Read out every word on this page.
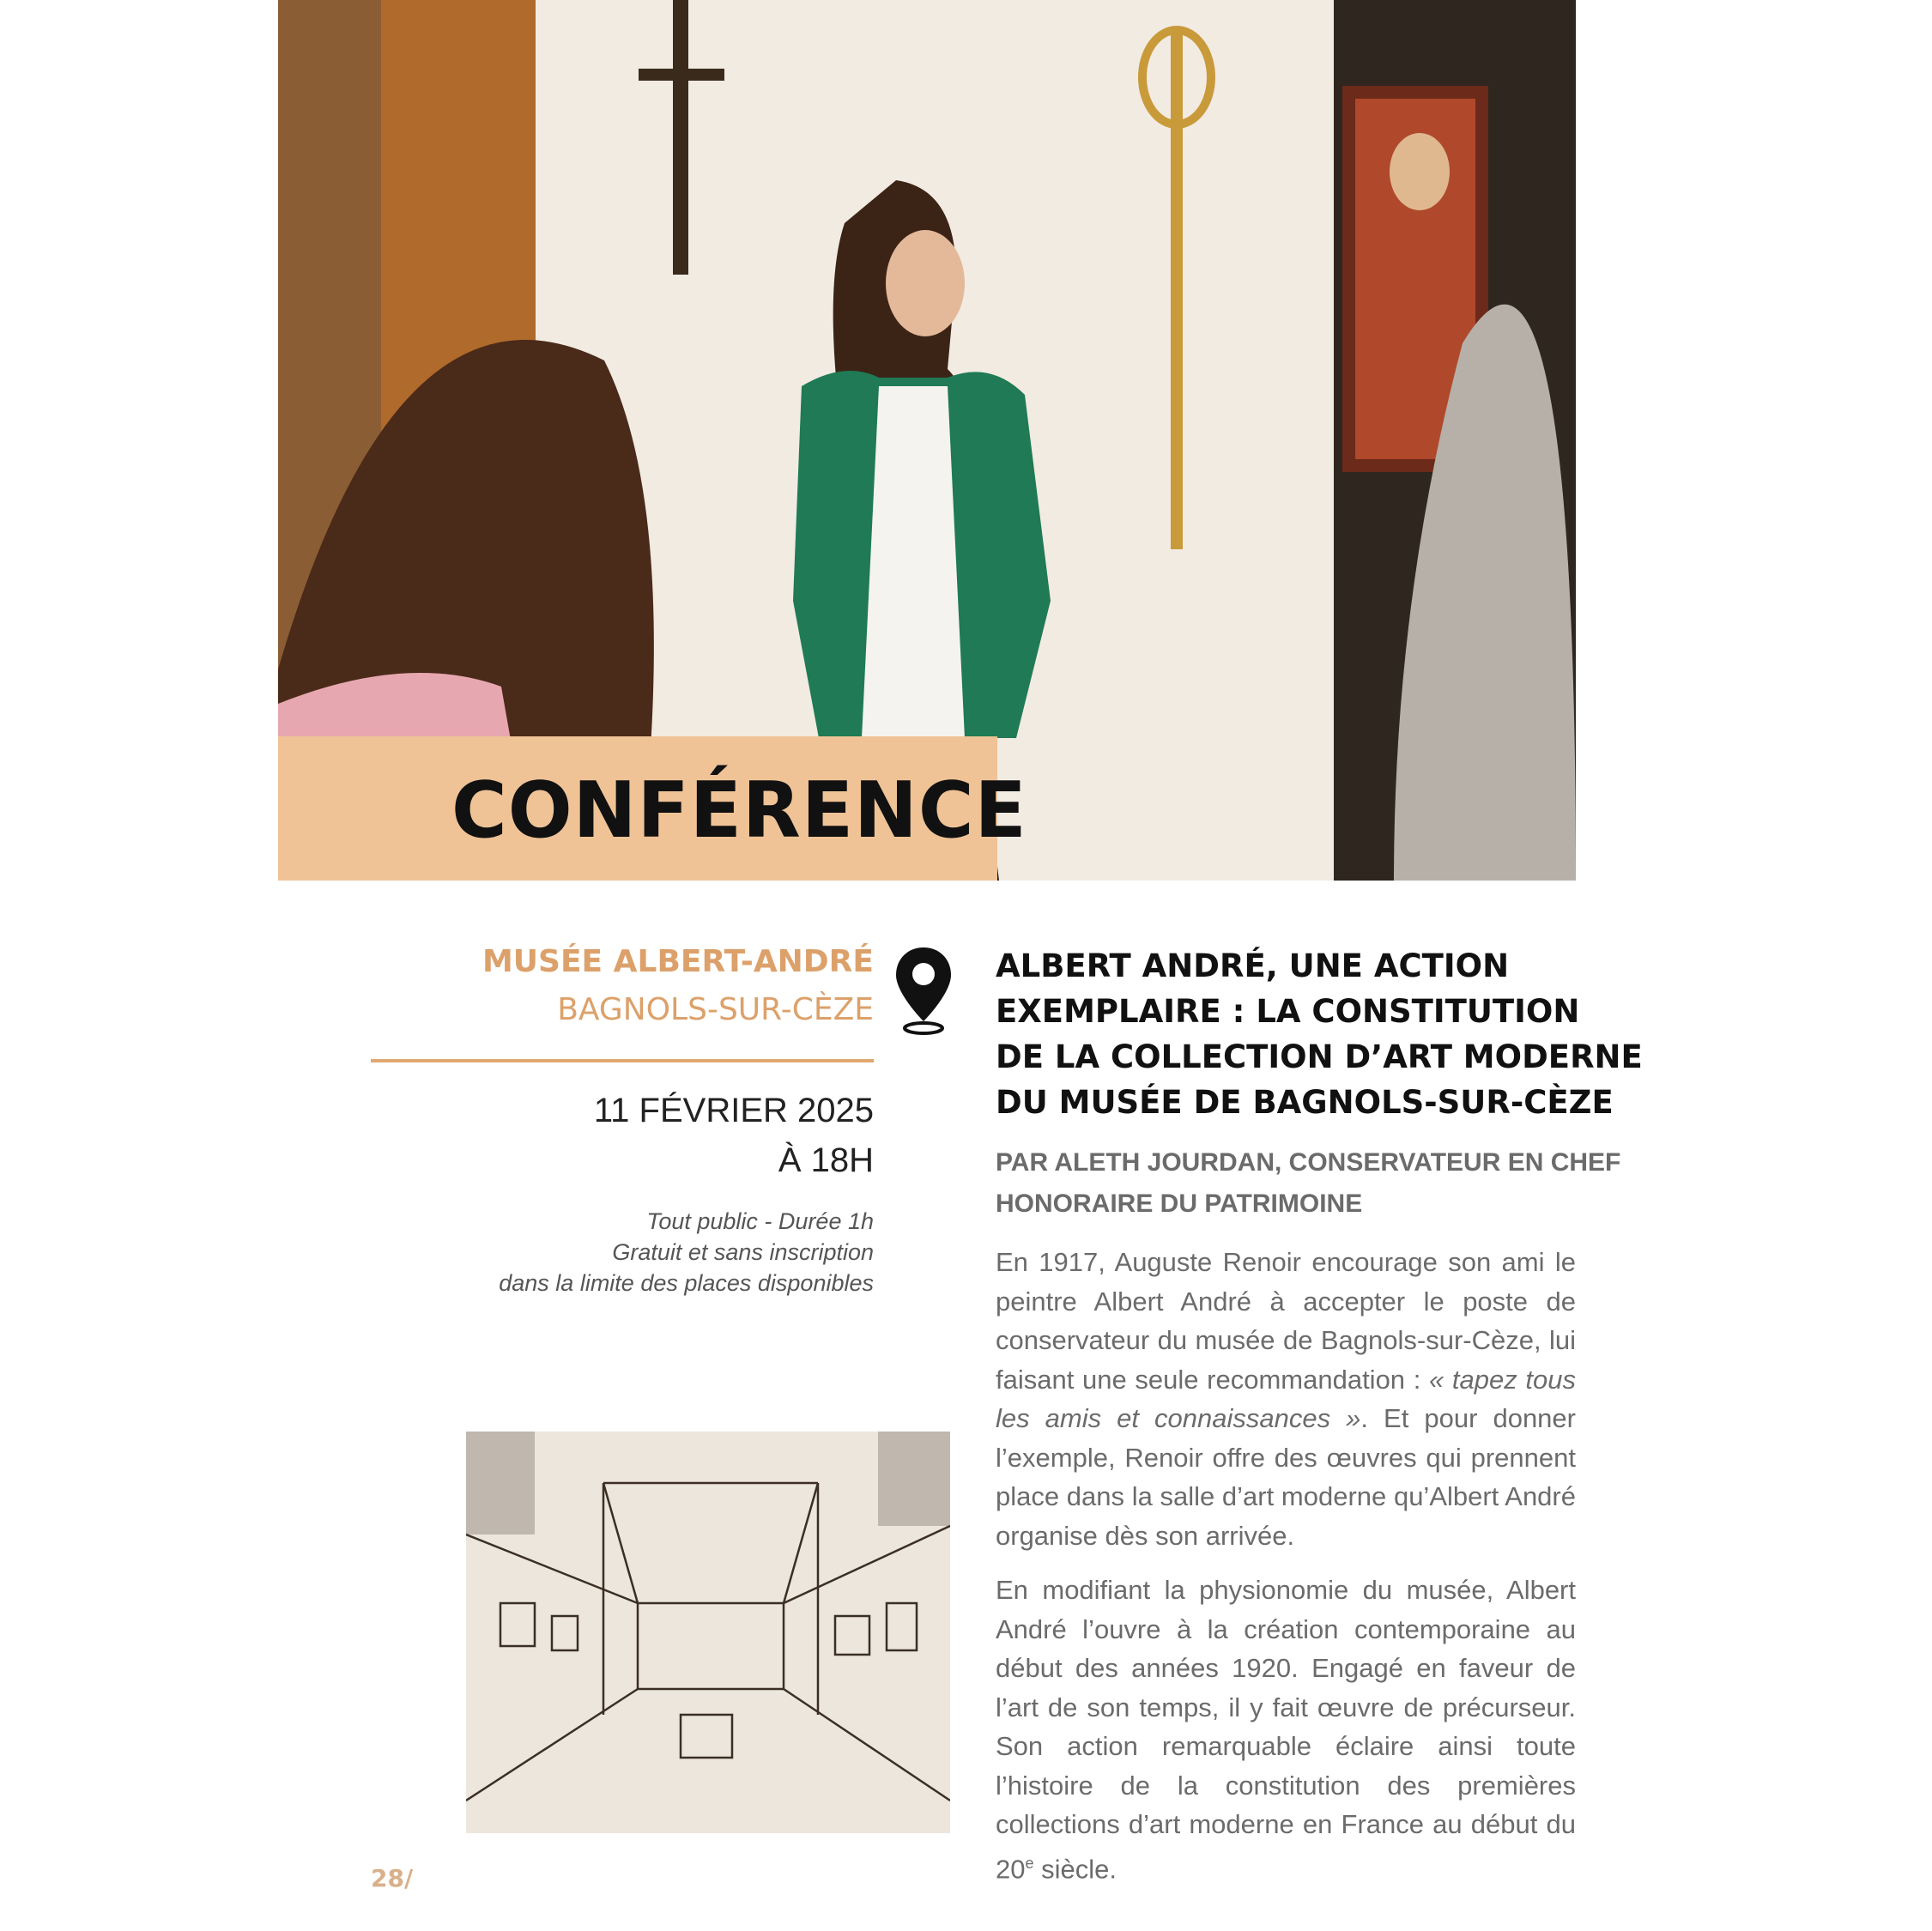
CONFÉRENCE
MUSÉE ALBERT-ANDRÉ
BAGNOLS-SUR-CÈZE
11 FÉVRIER 2025
À 18H
Tout public - Durée 1h
Gratuit et sans inscription
dans la limite des places disponibles
28/
ALBERT ANDRÉ, UNE ACTION
EXEMPLAIRE : LA CONSTITUTION
DE LA COLLECTION D’ART MODERNE
DU MUSÉE DE BAGNOLS-SUR-CÈZE
PAR ALETH JOURDAN, CONSERVATEUR EN CHEF
HONORAIRE DU PATRIMOINE
En 1917, Auguste Renoir encourage son ami le peintre Albert André à accepter le poste de conservateur du musée de Bagnols-sur-Cèze, lui faisant une seule recommandation : « tapez tous les amis et connaissances ». Et pour donner l’exemple, Renoir offre des œuvres qui prennent place dans la salle d’art moderne qu’Albert André organise dès son arrivée.
En modifiant la physionomie du musée, Albert André l’ouvre à la création contemporaine au début des années 1920. Engagé en faveur de l’art de son temps, il y fait œuvre de précurseur. Son action remarquable éclaire ainsi toute l’histoire de la constitution des premières collections d’art moderne en France au début du 20e siècle.
